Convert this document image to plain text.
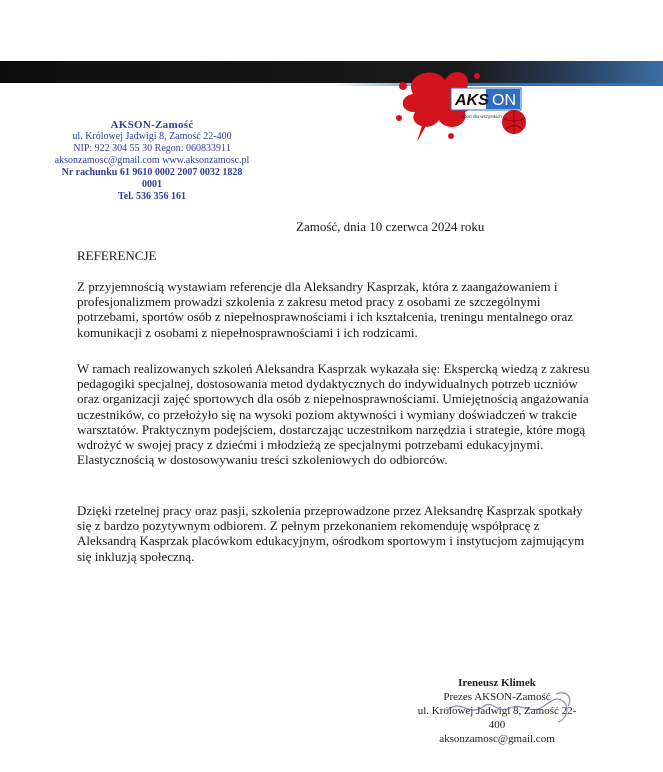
AKS ON
Sport dla wszystkich
AKSON-Zamość
ul. Królowej Jadwigi 8, Zamość 22-400
NIP: 922 304 55 30 Regon: 060833911
aksonzamosc@gmail.com www.aksonzamosc.pl
Nr rachunku 61 9610 0002 2007 0032 1828 0001
Tel. 536 356 161
Zamość, dnia 10 czerwca 2024 roku
REFERENCJE

Z przyjemnością wystawiam referencje dla Aleksandry Kasprzak, która z zaangażowaniem i profesjonalizmem prowadzi szkolenia z zakresu metod pracy z osobami ze szczególnymi potrzebami, sportów osób z niepełnosprawnościami i ich kształcenia, treningu mentalnego oraz komunikacji z osobami z niepełnosprawnościami i ich rodzicami.

W ramach realizowanych szkoleń Aleksandra Kasprzak wykazała się: Ekspercką wiedzą z zakresu pedagogiki specjalnej, dostosowania metod dydaktycznych do indywidualnych potrzeb uczniów oraz organizacji zajęć sportowych dla osób z niepełnosprawnościami. Umiejętnością angażowania uczestników, co przełożyło się na wysoki poziom aktywności i wymiany doświadczeń w trakcie warsztatów. Praktycznym podejściem, dostarczając uczestnikom narzędzia i strategie, które mogą wdrożyć w swojej pracy z dziećmi i młodzieżą ze specjalnymi potrzebami edukacyjnymi. Elastycznością w dostosowywaniu treści szkoleniowych do odbiorców.

Dzięki rzetelnej pracy oraz pasji, szkolenia przeprowadzone przez Aleksandrę Kasprzak spotkały się z bardzo pozytywnym odbiorem. Z pełnym przekonaniem rekomenduję współpracę z Aleksandrą Kasprzak placówkom edukacyjnym, ośrodkom sportowym i instytucjom zajmującym się inkluzją społeczną.

Ireneusz Klimek
Prezes AKSON-Zamość
ul. Królowej Jadwigi 8, Zamość 22-400
aksonzamosc@gmail.com
